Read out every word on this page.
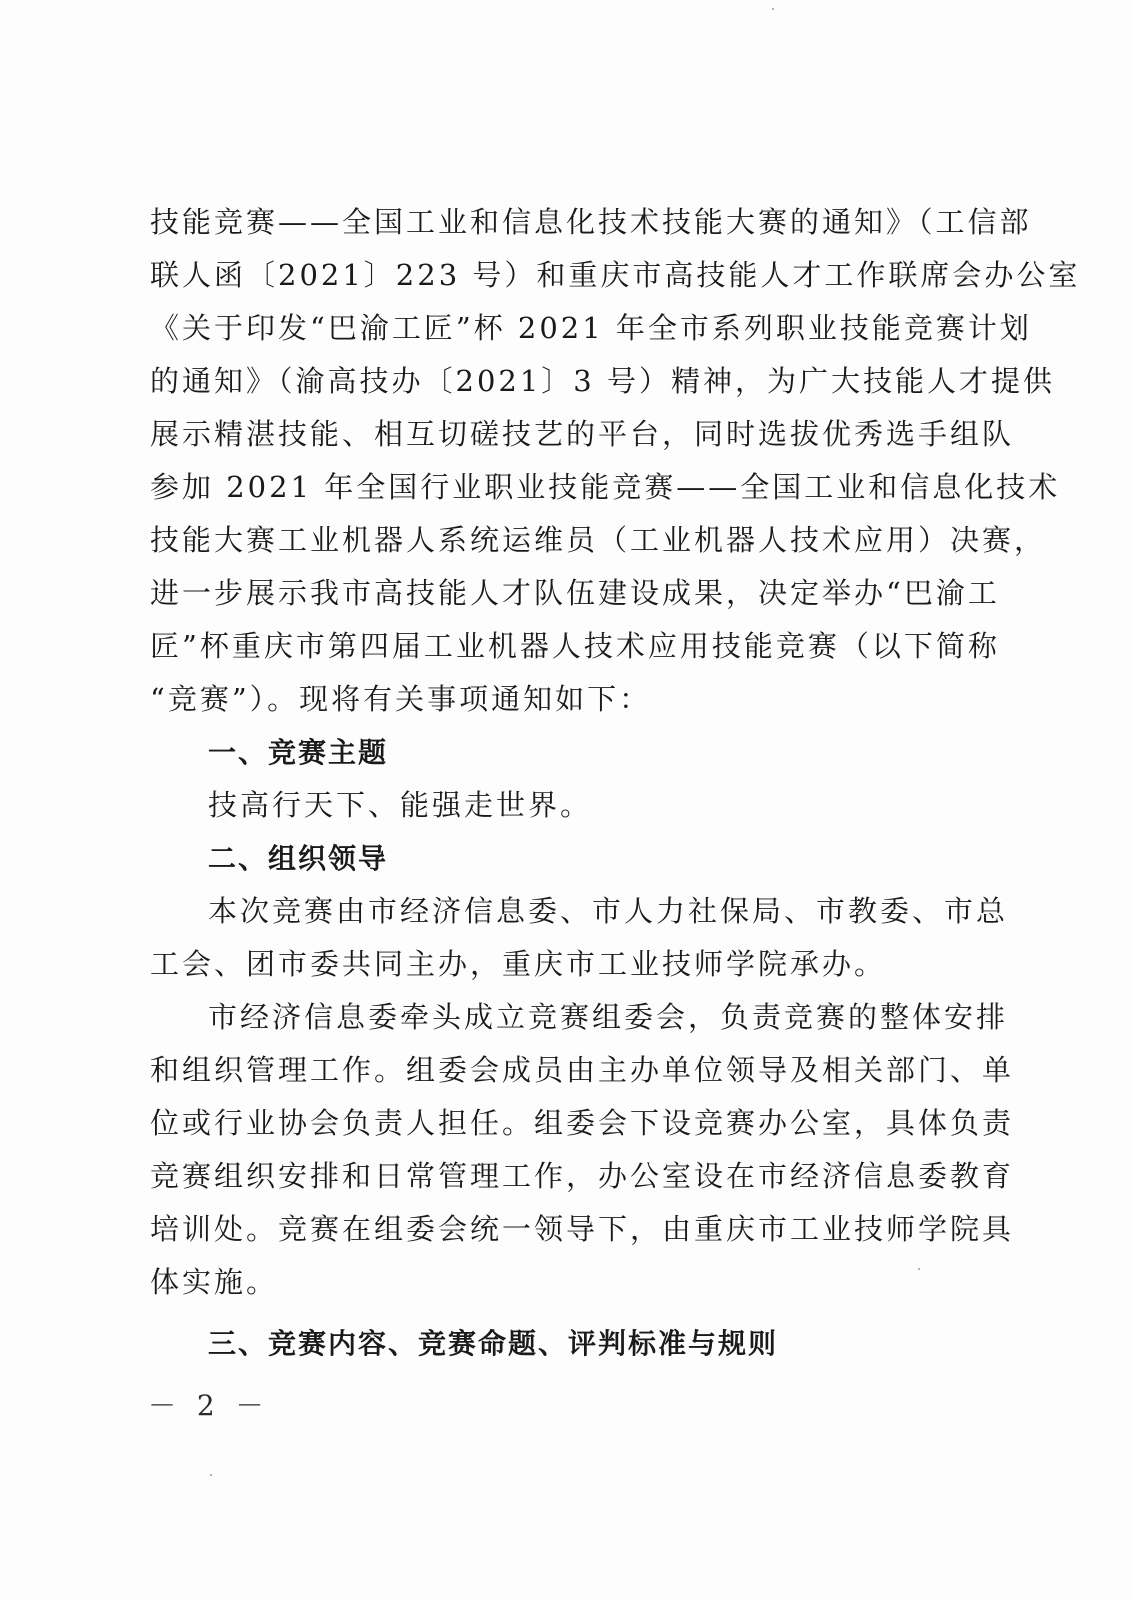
技能竞赛——全国工业和信息化技术技能大赛的通知》（工信部
联人函〔2021〕223 号）和重庆市高技能人才工作联席会办公室
《关于印发“巴渝工匠”杯 2021 年全市系列职业技能竞赛计划
的通知》（渝高技办〔2021〕3 号）精神，为广大技能人才提供
展示精湛技能、相互切磋技艺的平台，同时选拔优秀选手组队
参加 2021 年全国行业职业技能竞赛——全国工业和信息化技术
技能大赛工业机器人系统运维员（工业机器人技术应用）决赛，
进一步展示我市高技能人才队伍建设成果，决定举办“巴渝工
匠”杯重庆市第四届工业机器人技术应用技能竞赛（以下简称
“竞赛”）。现将有关事项通知如下：
一、竞赛主题
技高行天下、能强走世界。
二、组织领导
本次竞赛由市经济信息委、市人力社保局、市教委、市总
工会、团市委共同主办，重庆市工业技师学院承办。
市经济信息委牵头成立竞赛组委会，负责竞赛的整体安排
和组织管理工作。组委会成员由主办单位领导及相关部门、单
位或行业协会负责人担任。组委会下设竞赛办公室，具体负责
竞赛组织安排和日常管理工作，办公室设在市经济信息委教育
培训处。竞赛在组委会统一领导下，由重庆市工业技师学院具
体实施。
三、竞赛内容、竞赛命题、评判标准与规则
－ 2 －
